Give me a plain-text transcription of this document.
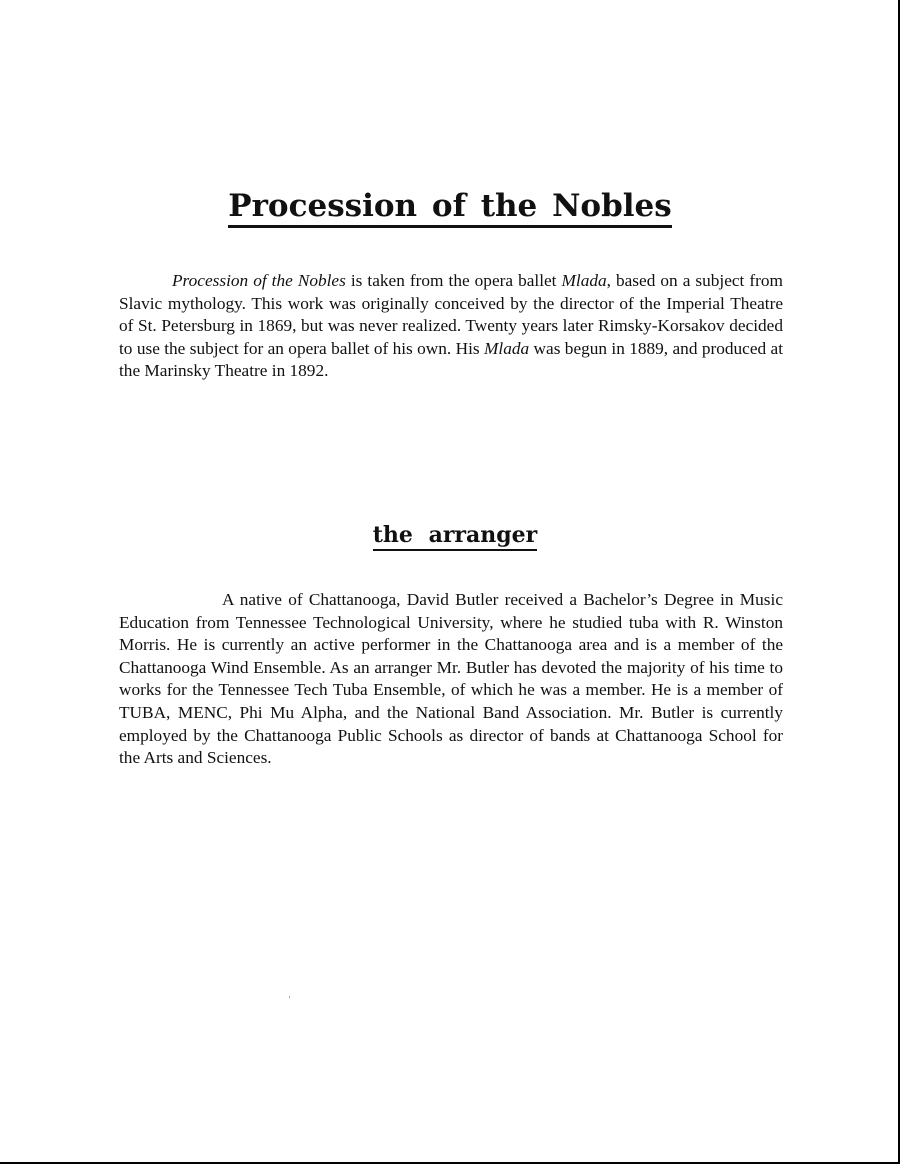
Procession of the Nobles

Procession of the Nobles is taken from the opera ballet Mlada, based on a subject from Slavic mythology. This work was originally conceived by the director of the Imperial Theatre of St. Petersburg in 1869, but was never realized. Twenty years later Rimsky-Korsakov decided to use the subject for an opera ballet of his own. His Mlada was begun in 1889, and produced at the Marinsky Theatre in 1892.

the arranger

A native of Chattanooga, David Butler received a Bachelor’s Degree in Music Education from Tennessee Technological University, where he studied tuba with R. Winston Morris. He is currently an active performer in the Chattanooga area and is a member of the Chattanooga Wind Ensemble. As an arranger Mr. Butler has devoted the majority of his time to works for the Tennessee Tech Tuba Ensemble, of which he was a member. He is a member of TUBA, MENC, Phi Mu Alpha, and the National Band Association. Mr. Butler is currently employed by the Chattanooga Public Schools as director of bands at Chattanooga School for the Arts and Sciences.
